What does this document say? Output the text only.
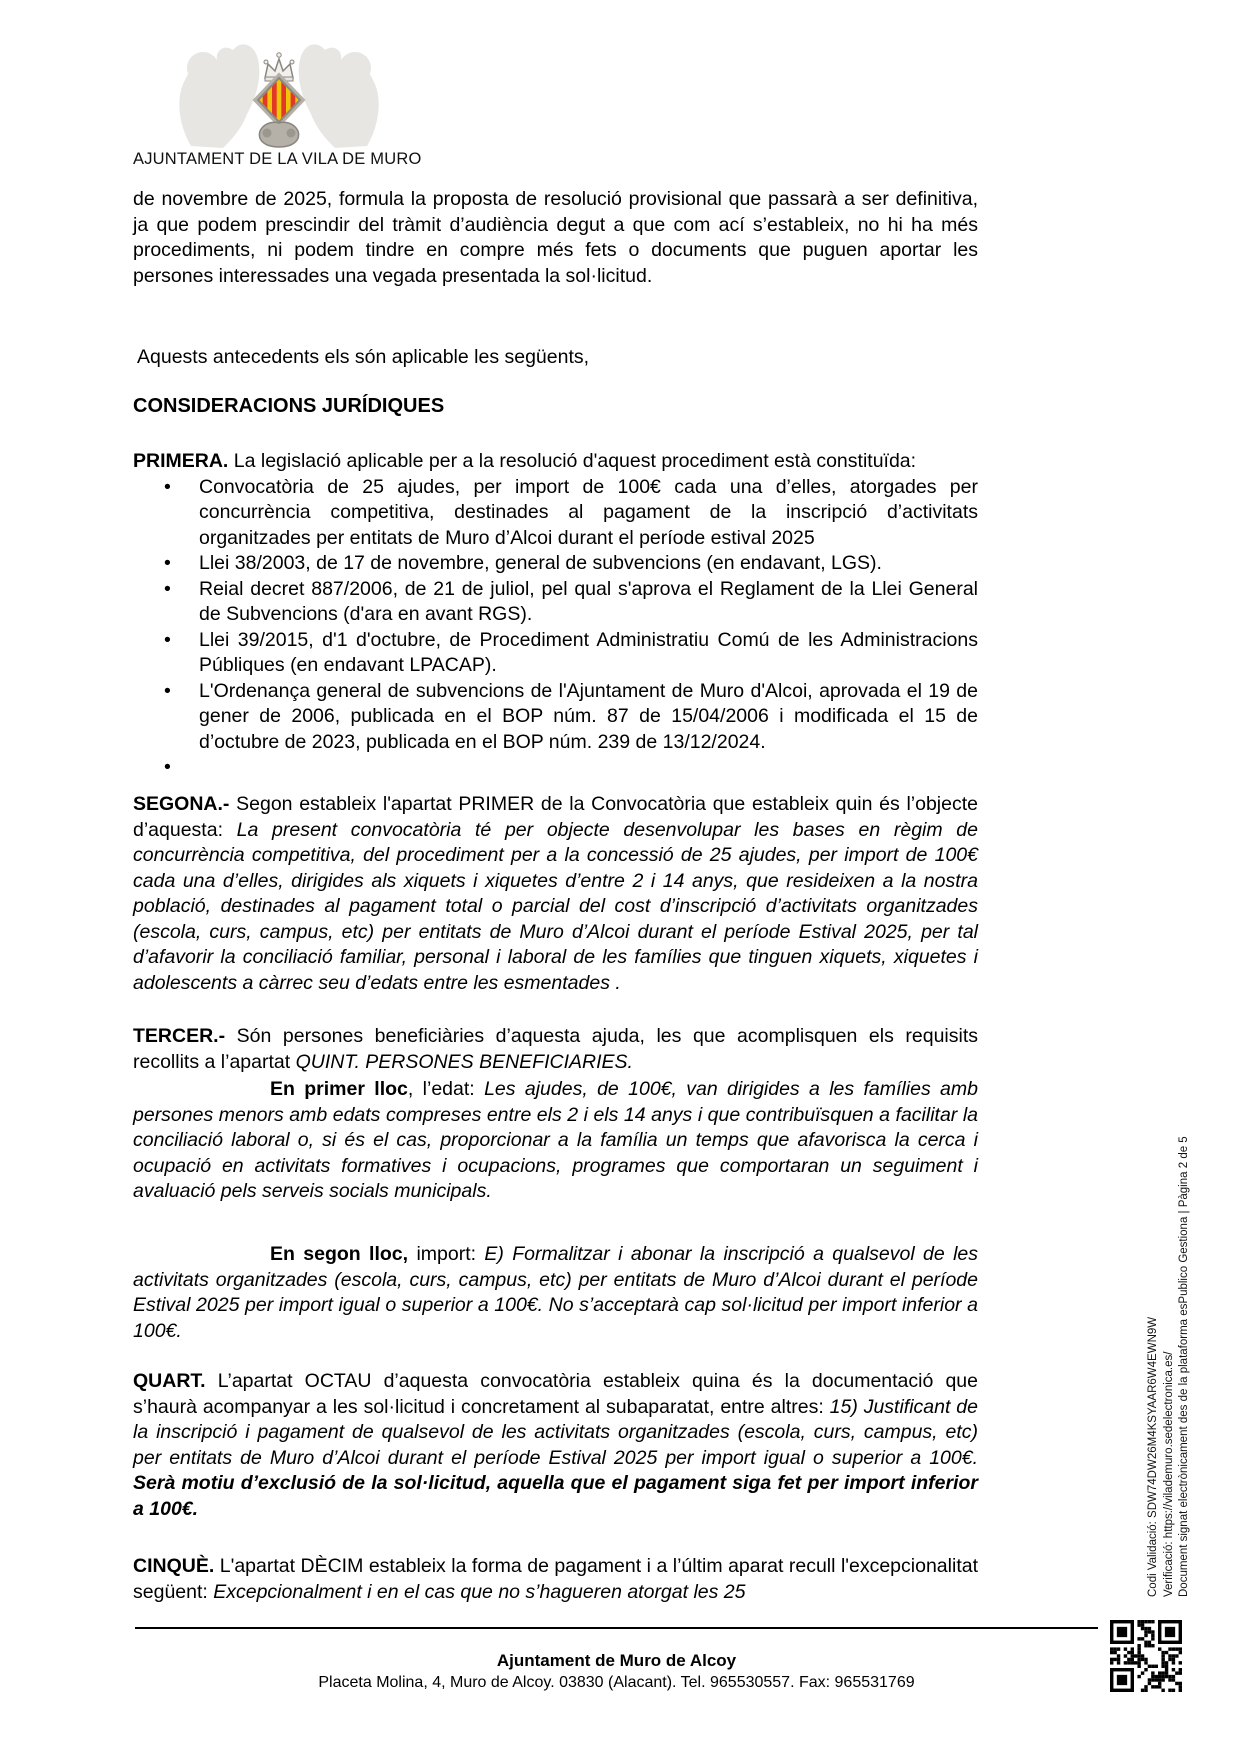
AJUNTAMENT DE LA VILA DE MURO

de novembre de 2025, formula la proposta de resolució provisional que passarà a ser definitiva, ja que podem prescindir del tràmit d’audiència degut a que com ací s’estableix, no hi ha més procediments, ni podem tindre en compre més fets o documents que puguen aportar les persones interessades una vegada presentada la sol·licitud.

Aquests antecedents els són aplicable les següents,

CONSIDERACIONS JURÍDIQUES

PRIMERA. La legislació aplicable per a la resolució d'aquest procediment està constituïda:

• Convocatòria de 25 ajudes, per import de 100€ cada una d’elles, atorgades per concurrència competitiva, destinades al pagament de la inscripció d’activitats organitzades per entitats de Muro d’Alcoi durant el període estival 2025

• Llei 38/2003, de 17 de novembre, general de subvencions (en endavant, LGS).

• Reial decret 887/2006, de 21 de juliol, pel qual s'aprova el Reglament de la Llei General de Subvencions (d'ara en avant RGS).

• Llei 39/2015, d'1 d'octubre, de Procediment Administratiu Comú de les Administracions Públiques (en endavant LPACAP).

• L'Ordenança general de subvencions de l'Ajuntament de Muro d'Alcoi, aprovada el 19 de gener de 2006, publicada en el BOP núm. 87 de 15/04/2006 i modificada el 15 de d’octubre de 2023, publicada en el BOP núm. 239 de 13/12/2024.

•

SEGONA.- Segon estableix l'apartat PRIMER de la Convocatòria que estableix quin és l’objecte d’aquesta: La present convocatòria té per objecte desenvolupar les bases en règim de concurrència competitiva, del procediment per a la concessió de 25 ajudes, per import de 100€ cada una d’elles, dirigides als xiquets i xiquetes d’entre 2 i 14 anys, que resideixen a la nostra població, destinades al pagament total o parcial del cost d’inscripció d’activitats organitzades (escola, curs, campus, etc) per entitats de Muro d’Alcoi durant el període Estival 2025, per tal d’afavorir la conciliació familiar, personal i laboral de les famílies que tinguen xiquets, xiquetes i adolescents a càrrec seu d’edats entre les esmentades .

TERCER.- Són persones beneficiàries d’aquesta ajuda, les que acomplisquen els requisits recollits a l’apartat QUINT. PERSONES BENEFICIARIES.

En primer lloc, l’edat: Les ajudes, de 100€, van dirigides a les famílies amb persones menors amb edats compreses entre els 2 i els 14 anys i que contribuïsquen a facilitar la conciliació laboral o, si és el cas, proporcionar a la família un temps que afavorisca la cerca i ocupació en activitats formatives i ocupacions, programes que comportaran un seguiment i avaluació pels serveis socials municipals.

En segon lloc, import: E) Formalitzar i abonar la inscripció a qualsevol de les activitats organitzades (escola, curs, campus, etc) per entitats de Muro d’Alcoi durant el període Estival 2025 per import igual o superior a 100€. No s’acceptarà cap sol·licitud per import inferior a 100€.

QUART. L’apartat OCTAU d’aquesta convocatòria estableix quina és la documentació que s’haurà acompanyar a les sol·licitud i concretament al subaparatat, entre altres: 15) Justificant de la inscripció i pagament de qualsevol de les activitats organitzades (escola, curs, campus, etc) per entitats de Muro d’Alcoi durant el període Estival 2025 per import igual o superior a 100€. Serà motiu d’exclusió de la sol·licitud, aquella que el pagament siga fet per import inferior a 100€.

CINQUÈ. L'apartat DÈCIM estableix la forma de pagament i a l’últim aparat recull l'excepcionalitat següent: Excepcionalment i en el cas que no s’hagueren atorgat les 25	Codi Validació: SDW74DW26M4KSYAAR6W4EWN9W Verificació: https://vilademuro.sedelectronica.es/ Document signat electrònicament des de la plataforma esPublico Gestiona | Pàgina 2 de 5
Ajuntament de Muro de Alcoy
Placeta Molina, 4, Muro de Alcoy. 03830 (Alacant). Tel. 965530557. Fax: 965531769
